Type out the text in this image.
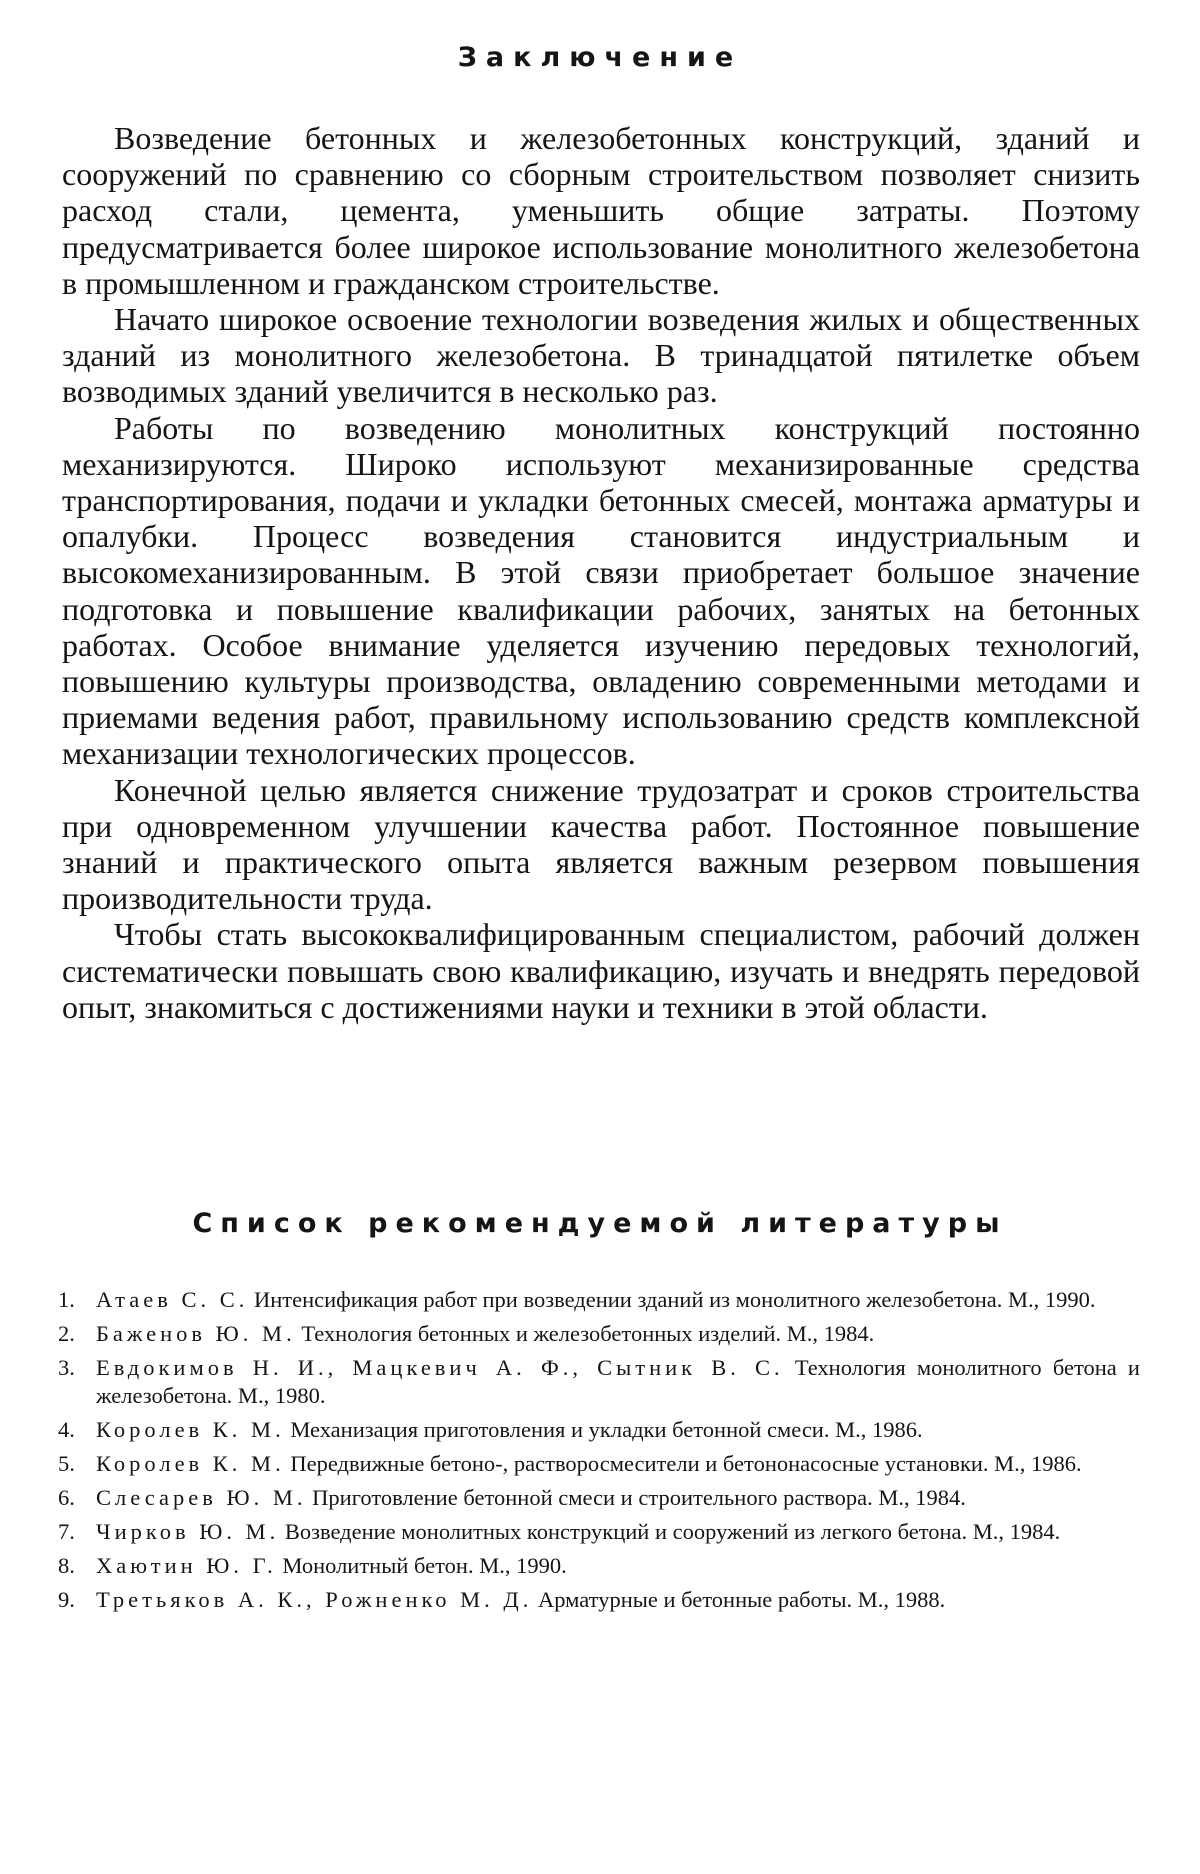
Заключение

Возведение бетонных и железобетонных конструкций, зданий и сооружений по сравнению со сборным строительством позволяет снизить расход стали, цемента, уменьшить общие затраты. Поэтому предусматривается более широкое использование монолитного железобетона в промышленном и гражданском строительстве.

Начато широкое освоение технологии возведения жилых и общественных зданий из монолитного железобетона. В тринадцатой пятилетке объем возводимых зданий увеличится в несколько раз.

Работы по возведению монолитных конструкций постоянно механизируются. Широко используют механизированные средства транспортирования, подачи и укладки бетонных смесей, монтажа арматуры и опалубки. Процесс возведения становится индустриальным и высокомеханизированным. В этой связи приобретает большое значение подготовка и повышение квалификации рабочих, занятых на бетонных работах. Особое внимание уделяется изучению передовых технологий, повышению культуры производства, овладению современными методами и приемами ведения работ, правильному использованию средств комплексной механизации технологических процессов.

Конечной целью является снижение трудозатрат и сроков строительства при одновременном улучшении качества работ. Постоянное повышение знаний и практического опыта является важным резервом повышения производительности труда.

Чтобы стать высококвалифицированным специалистом, рабочий должен систематически повышать свою квалификацию, изучать и внедрять передовой опыт, знакомиться с достижениями науки и техники в этой области.

Список рекомендуемой литературы
1. Атаев С. С. Интенсификация работ при возведении зданий из монолитного железобетона. М., 1990.
2. Баженов Ю. М. Технология бетонных и железобетонных изделий. М., 1984.
3. Евдокимов Н. И., Мацкевич А. Ф., Сытник В. С. Технология монолитного бетона и железобетона. М., 1980.
4. Королев К. М. Механизация приготовления и укладки бетонной смеси. М., 1986.
5. Королев К. М. Передвижные бетоно-, растворосмесители и бетононасосные установки. М., 1986.
6. Слесарев Ю. М. Приготовление бетонной смеси и строительного раствора. М., 1984.
7. Чирков Ю. М. Возведение монолитных конструкций и сооружений из легкого бетона. М., 1984.
8. Хаютин Ю. Г. Монолитный бетон. М., 1990.
9. Третьяков А. К., Рожненко М. Д. Арматурные и бетонные работы. М., 1988.
